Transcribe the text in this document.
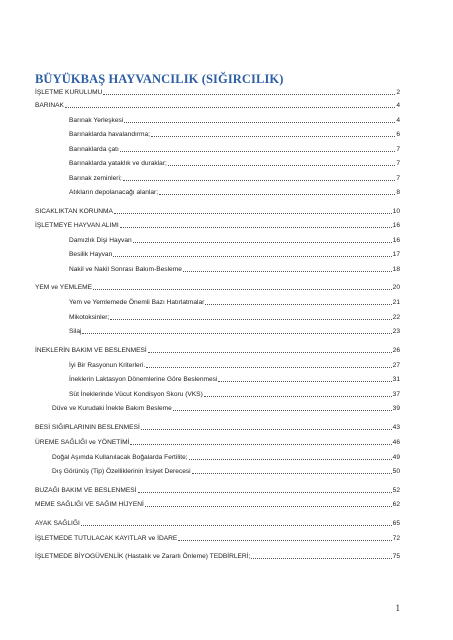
BÜYÜKBAŞ HAYVANCILIK (SIĞIRCILIK)
İŞLETME KURULUMU	2
BARINAK	4
Barınak Yerleşkesi	4
Barınaklarda havalandırma;	6
Barınaklarda çatı	7
Barınaklarda yataklık ve duraklar;	7
Barınak zeminleri;	7
Atıkların depolanacağı alanlar;	8
SICAKLIKTAN KORUNMA	10
İŞLETMEYE HAYVAN ALIMI	16
Damızlık Dişi Hayvan	16
Besilik Hayvan	17
Nakil ve Nakil Sonrası Bakım-Besleme	18
YEM ve YEMLEME	20
Yem ve Yemlemede Önemli Bazı Hatırlatmalar	21
Mikotoksinler;	22
Silaj	23
İNEKLERİN BAKIM VE BESLENMESİ	26
İyi Bir Rasyonun Kriterleri.	27
İneklerin Laktasyon Dönemlerine Göre Beslenmesi	31
Süt İneklerinde Vücut Kondisyon Skoru (VKS)	37
Düve ve Kurudaki İnekte Bakım Besleme	39
BESİ SIĞIRLARININ BESLENMESİ	43
ÜREME SAĞLIĞI ve YÖNETİMİ	46
Doğal Aşımda Kullanılacak Boğalarda Fertilite;	49
Dış Görünüş (Tip) Özelliklerinin İrsiyet Derecesi	50
BUZAĞI BAKIM VE BESLENMESİ	52
MEME SAĞLIĞI VE SAĞIM HİJYENİ	62
AYAK SAĞLIĞI	65
İŞLETMEDE TUTULACAK KAYITLAR ve İDARE	72
İŞLETMEDE BİYOGÜVENLİK (Hastalık ve Zararlı Önleme) TEDBİRLERİ;	75
1
